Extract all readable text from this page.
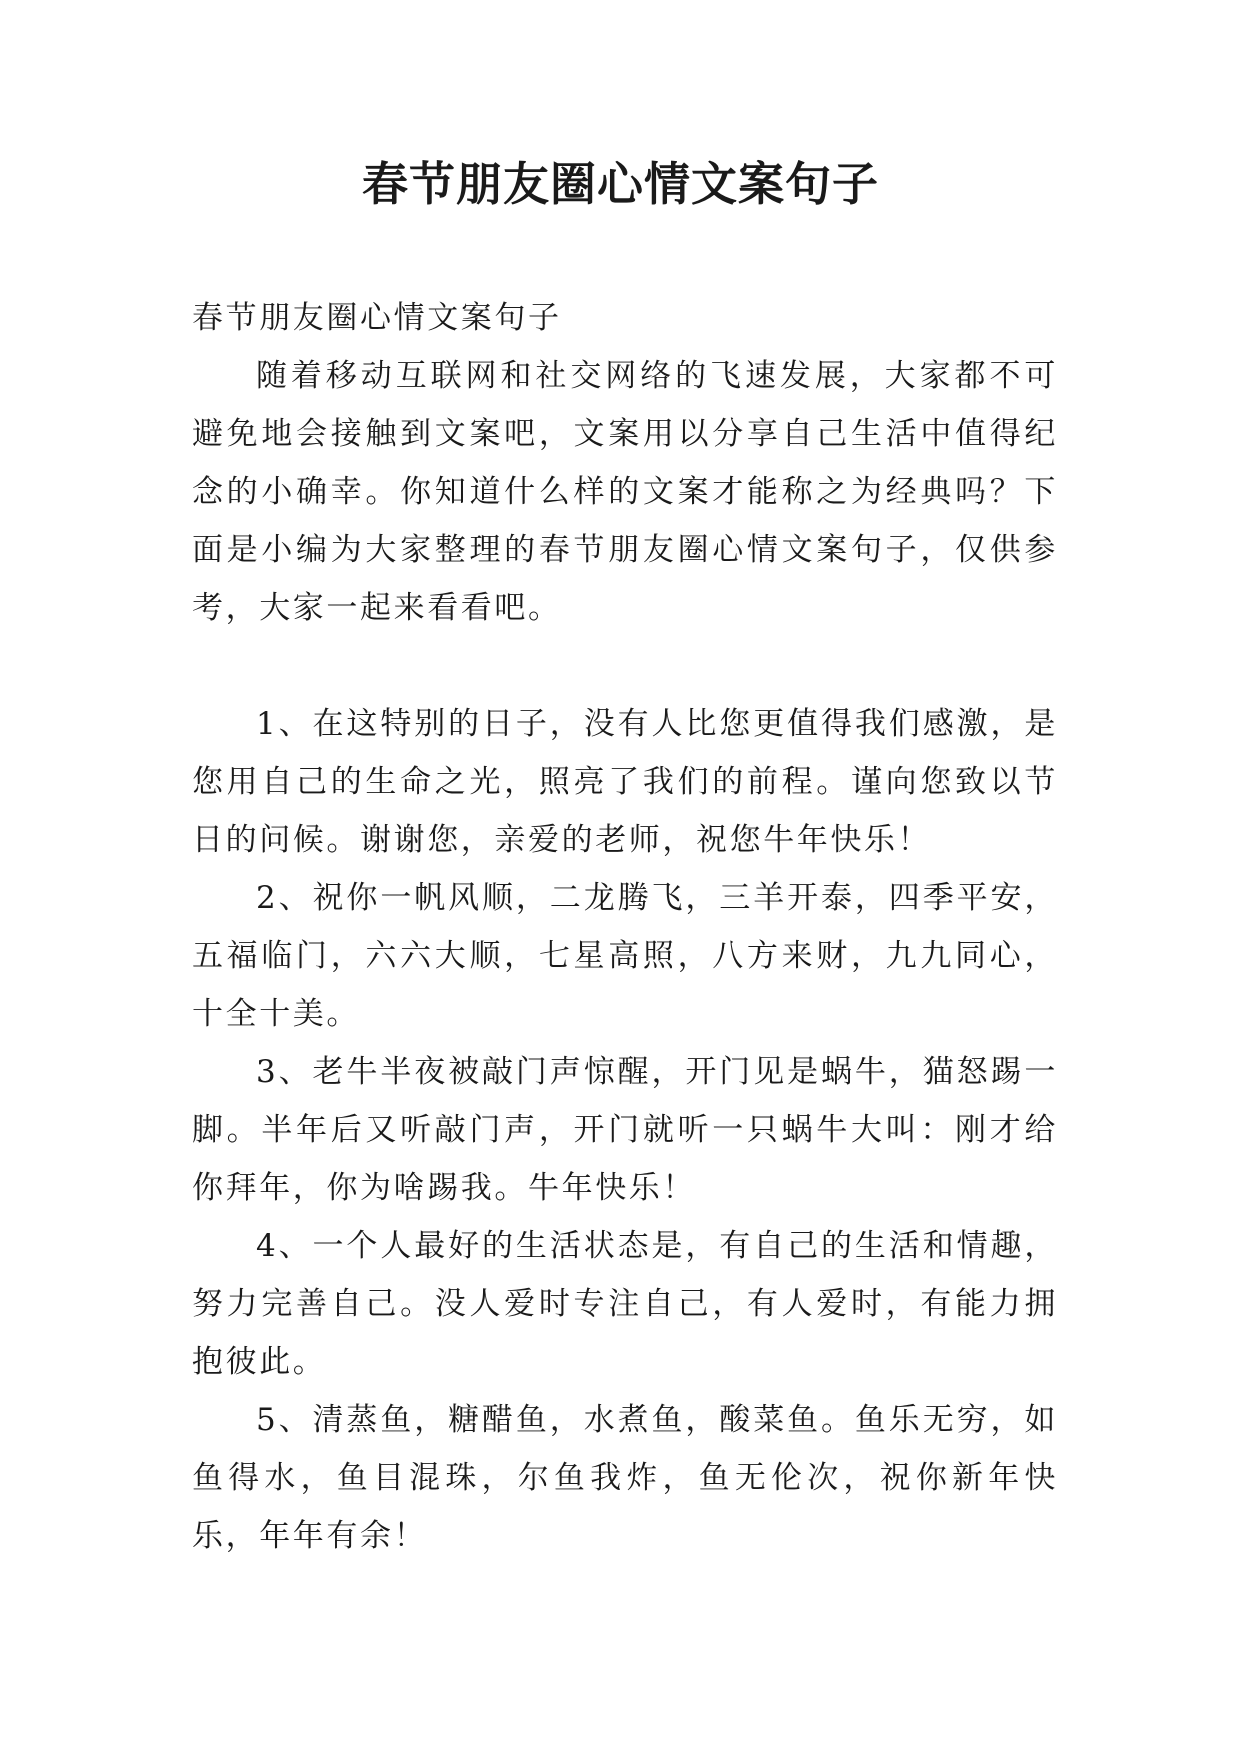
春节朋友圈心情文案句子

春节朋友圈心情文案句子

随着移动互联网和社交网络的飞速发展，大家都不可避免地会接触到文案吧，文案用以分享自己生活中值得纪念的小确幸。你知道什么样的文案才能称之为经典吗？下面是小编为大家整理的春节朋友圈心情文案句子，仅供参考，大家一起来看看吧。

1、在这特别的日子，没有人比您更值得我们感激，是您用自己的生命之光，照亮了我们的前程。谨向您致以节日的问候。谢谢您，亲爱的老师，祝您牛年快乐！

2、祝你一帆风顺，二龙腾飞，三羊开泰，四季平安，五福临门，六六大顺，七星高照，八方来财，九九同心，十全十美。

3、老牛半夜被敲门声惊醒，开门见是蜗牛，猫怒踢一脚。半年后又听敲门声，开门就听一只蜗牛大叫：刚才给你拜年，你为啥踢我。牛年快乐！

4、一个人最好的生活状态是，有自己的生活和情趣，努力完善自己。没人爱时专注自己，有人爱时，有能力拥抱彼此。

5、清蒸鱼，糖醋鱼，水煮鱼，酸菜鱼。鱼乐无穷，如鱼得水，鱼目混珠，尔鱼我炸，鱼无伦次，祝你新年快乐，年年有余！
